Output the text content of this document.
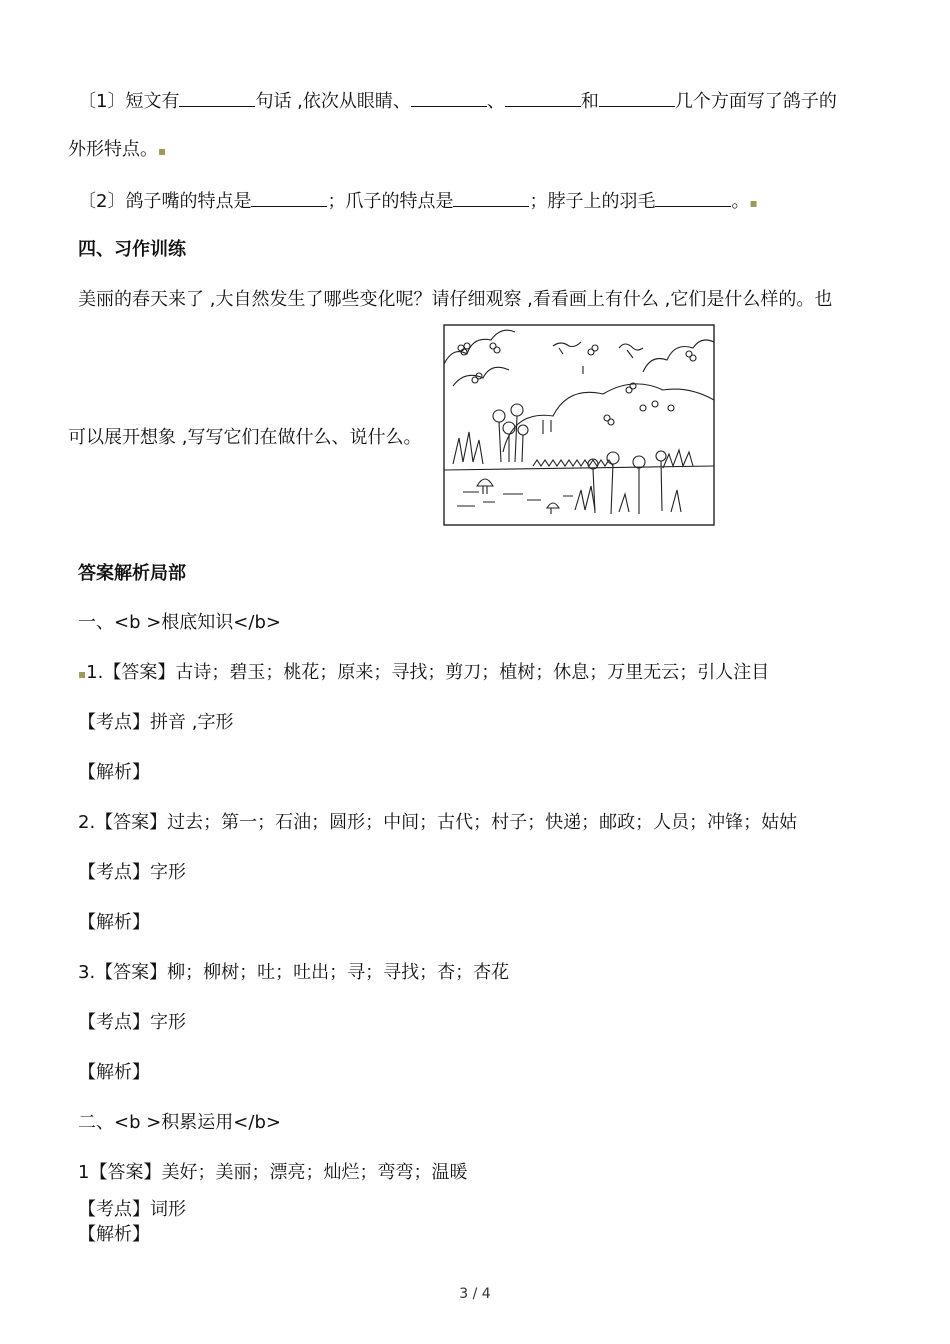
〔1〕短文有	句话 ,依次从眼睛、	、	和	几个方面写了鸽子的
外形特点。▪
〔2〕鸽子嘴的特点是	；爪子的特点是	；脖子上的羽毛	。▪
四、习作训练
美丽的春天来了 ,大自然发生了哪些变化呢？请仔细观察 ,看看画上有什么 ,它们是什么样的。也
可以展开想象 ,写写它们在做什么、说什么。
答案解析局部
一、<b >根底知识</b>
▪1.【答案】古诗；碧玉；桃花；原来；寻找；剪刀；植树；休息；万里无云；引人注目
【考点】拼音 ,字形
【解析】
2.【答案】过去；第一；石油；圆形；中间；古代；村子；快递；邮政；人员；冲锋；姑姑
【考点】字形
【解析】
3.【答案】柳；柳树；吐；吐出；寻；寻找；杏；杏花
【考点】字形
【解析】
二、<b >积累运用</b>
1【答案】美好；美丽；漂亮；灿烂；弯弯；温暖
【考点】词形
【解析】
3 / 4
